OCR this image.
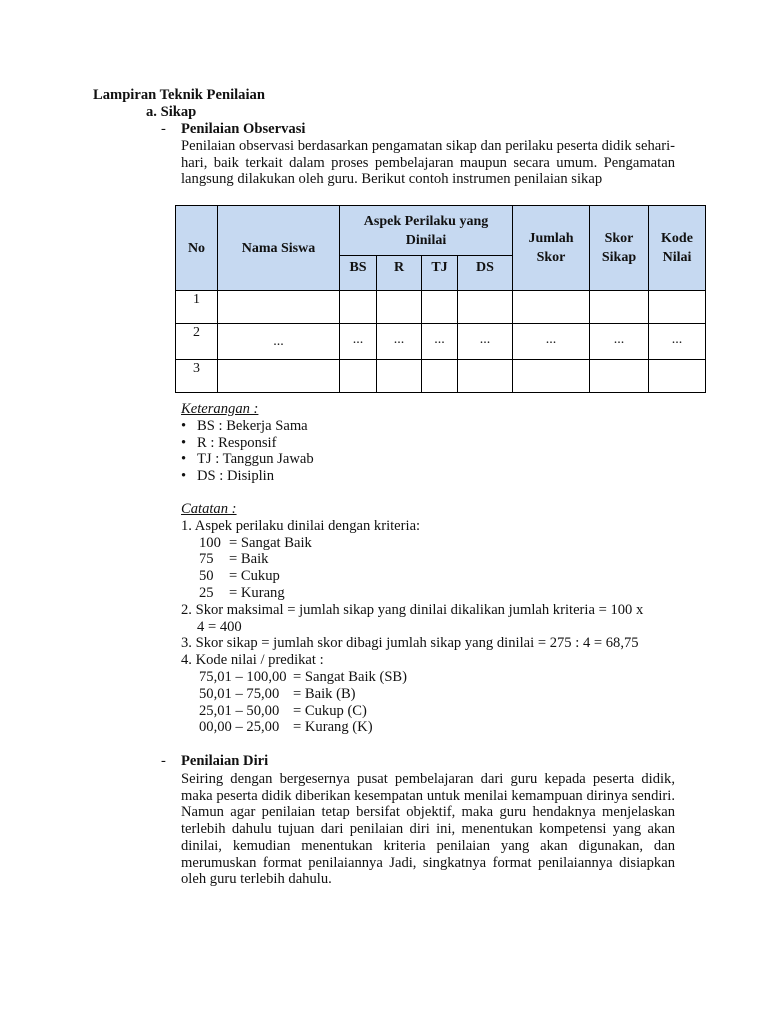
Lampiran Teknik Penilaian
a. Sikap
- Penilaian Observasi

Penilaian observasi berdasarkan pengamatan sikap dan perilaku peserta didik sehari-hari, baik terkait dalam proses pembelajaran maupun secara umum. Pengamatan langsung dilakukan oleh guru. Berikut contoh instrumen penilaian sikap

No	Nama Siswa	Aspek Perilaku yang Dinilai				Jumlah Skor	Skor Sikap	Kode Nilai
		BS	R	TJ	DS			
1								
2	...	...	...	...	...	...	...	...
3								
Keterangan :
• BS : Bekerja Sama
• R : Responsif
• TJ : Tanggun Jawab
• DS : Disiplin
Catatan :
1. Aspek perilaku dinilai dengan kriteria:
100 = Sangat Baik
75 = Baik
50 = Cukup
25 = Kurang
2. Skor maksimal = jumlah sikap yang dinilai dikalikan jumlah kriteria = 100 x
4 = 400
3. Skor sikap = jumlah skor dibagi jumlah sikap yang dinilai = 275 : 4 = 68,75
4. Kode nilai / predikat :
75,01 – 100,00 = Sangat Baik (SB)
50,01 – 75,00 = Baik (B)
25,01 – 50,00 = Cukup (C)
00,00 – 25,00 = Kurang (K)
- Penilaian Diri

Seiring dengan bergesernya pusat pembelajaran dari guru kepada peserta didik, maka peserta didik diberikan kesempatan untuk menilai kemampuan dirinya sendiri. Namun agar penilaian tetap bersifat objektif, maka guru hendaknya menjelaskan terlebih dahulu tujuan dari penilaian diri ini, menentukan kompetensi yang akan dinilai, kemudian menentukan kriteria penilaian yang akan digunakan, dan merumuskan format penilaiannya Jadi, singkatnya format penilaiannya disiapkan oleh guru terlebih dahulu.
